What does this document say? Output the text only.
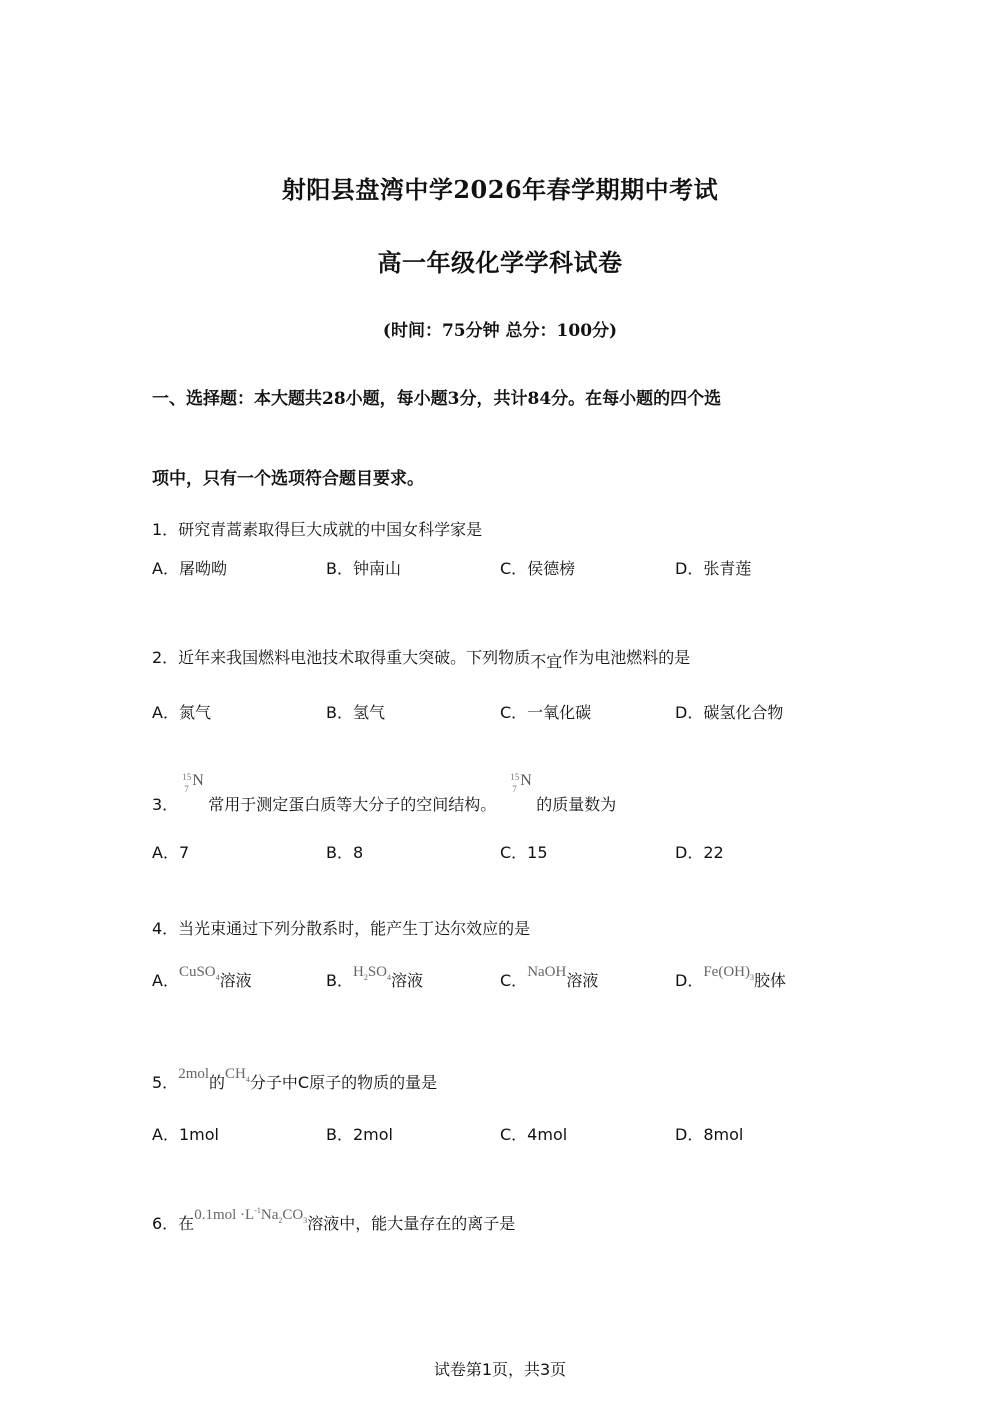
射阳县盘湾中学2026年春学期期中考试
高一年级化学学科试卷
(时间：75分钟 总分：100分)
一、选择题：本大题共28小题，每小题3分，共计84分。在每小题的四个选
项中，只有一个选项符合题目要求。
1．研究青蒿素取得巨大成就的中国女科学家是
A．屠呦呦	B．钟南山	C．侯德榜	D．张青莲
2．近年来我国燃料电池技术取得重大突破。下列物质不宜作为电池燃料的是
A．氮气	B．氢气	C．一氧化碳	D．碳氢化合物
3．
15
7 N
常用于测定蛋白质等大分子的空间结构。
15
7 N
的质量数为
A．7	B．8	C．15	D．22
4．当光束通过下列分散系时，能产生丁达尔效应的是
A．CuSO$_4$溶液	B．$H_2SO_4$溶液	C．NaOH溶液	D．$Fe(OH)_3$胶体
5．2mol的$CH_4$分子中C原子的物质的量是
A．1mol	B．2mol	C．4mol	D．8mol
6．在$0.1mol \cdot L^{-1}Na_2CO_3$溶液中，能大量存在的离子是
试卷第1页，共3页
